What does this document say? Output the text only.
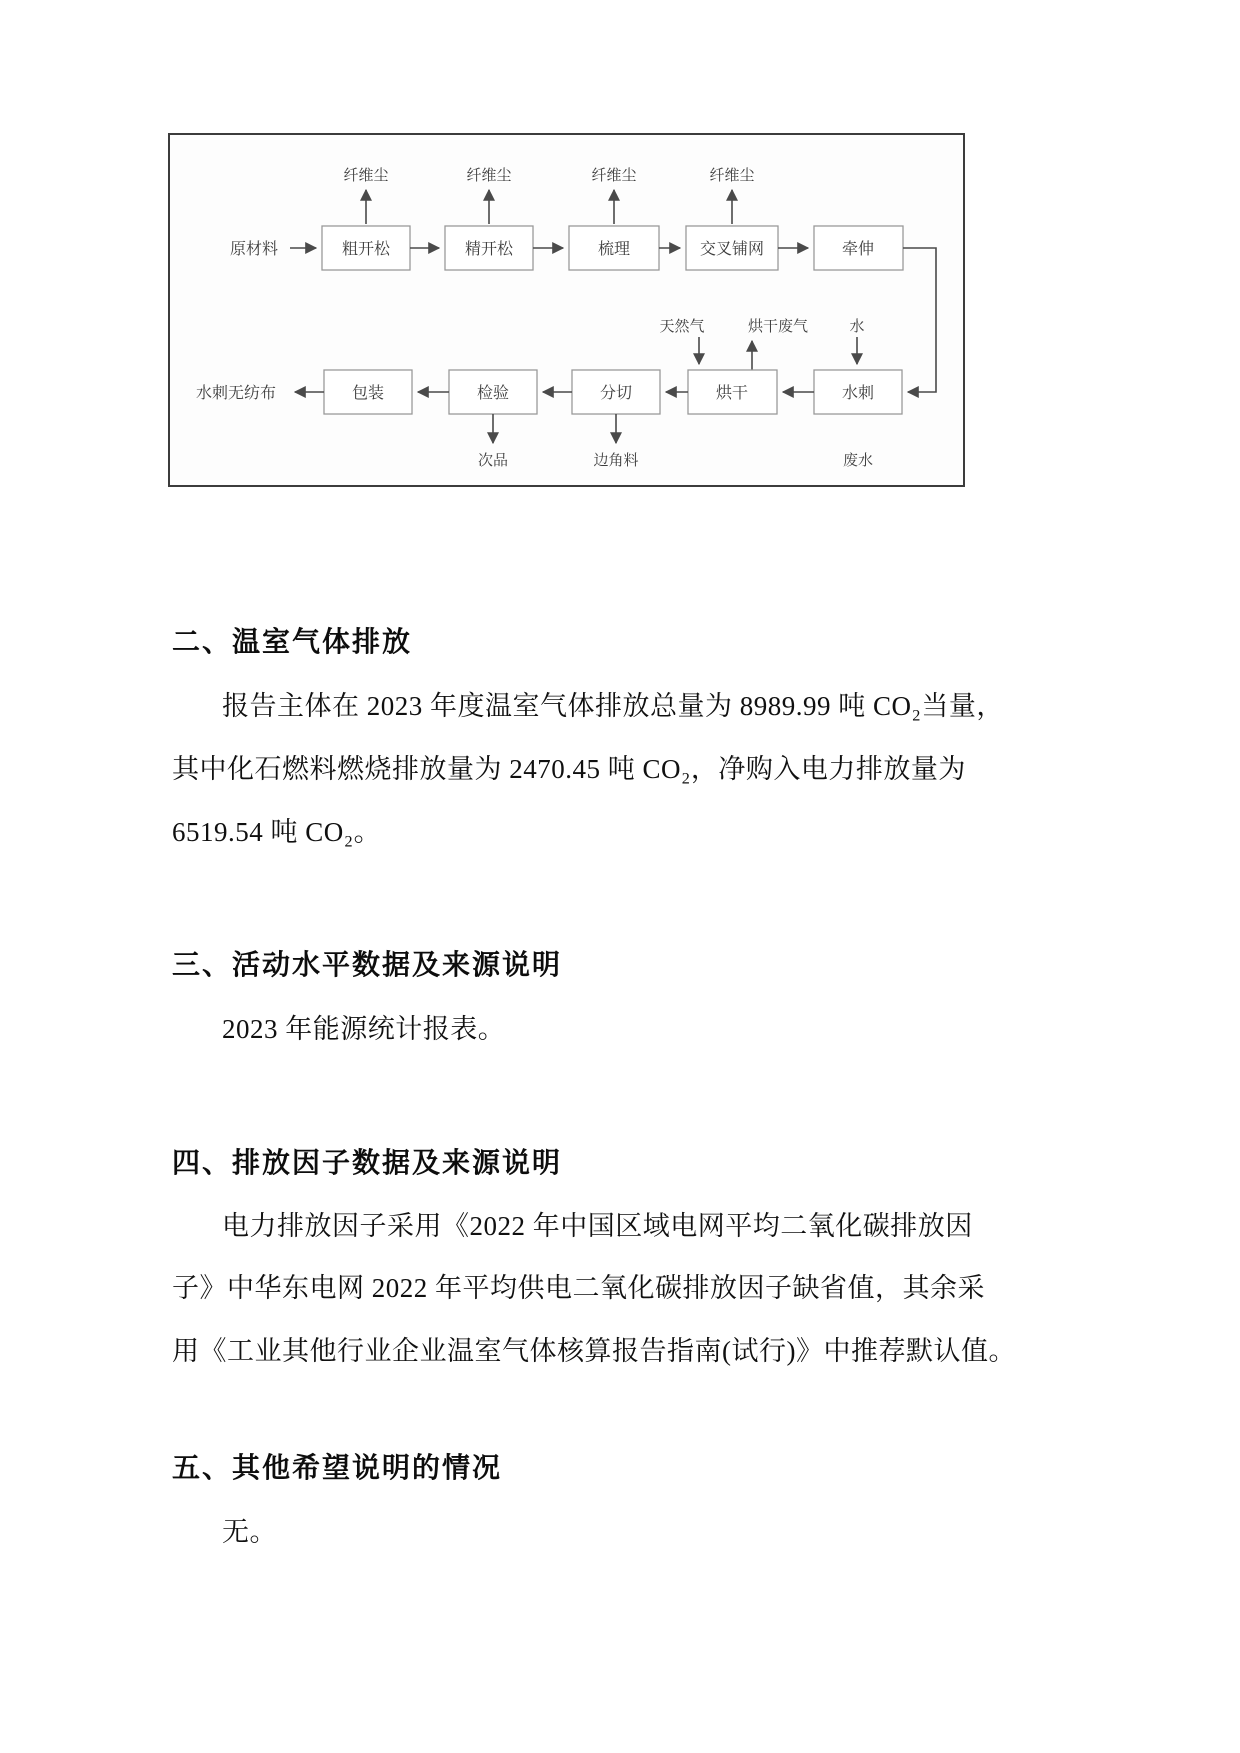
纤维尘	纤维尘	纤维尘	纤维尘
原材料	粗开松	精开松	梳理	交叉铺网	牵伸
天然气	烘干废气	水
水刺
烘干
分切
检验
包装
水刺无纺布
次品	边角料	废水
二、温室气体排放
报告主体在 2023 年度温室气体排放总量为 8989.99 吨 CO₂当量，
其中化石燃料燃烧排放量为 2470.45 吨 CO₂，净购入电力排放量为
6519.54 吨 CO₂。
三、活动水平数据及来源说明
2023 年能源统计报表。
四、排放因子数据及来源说明
电力排放因子采用《2022 年中国区域电网平均二氧化碳排放因
子》中华东电网 2022 年平均供电二氧化碳排放因子缺省值，其余采
用《工业其他行业企业温室气体核算报告指南(试行)》中推荐默认值。
五、其他希望说明的情况
无。
